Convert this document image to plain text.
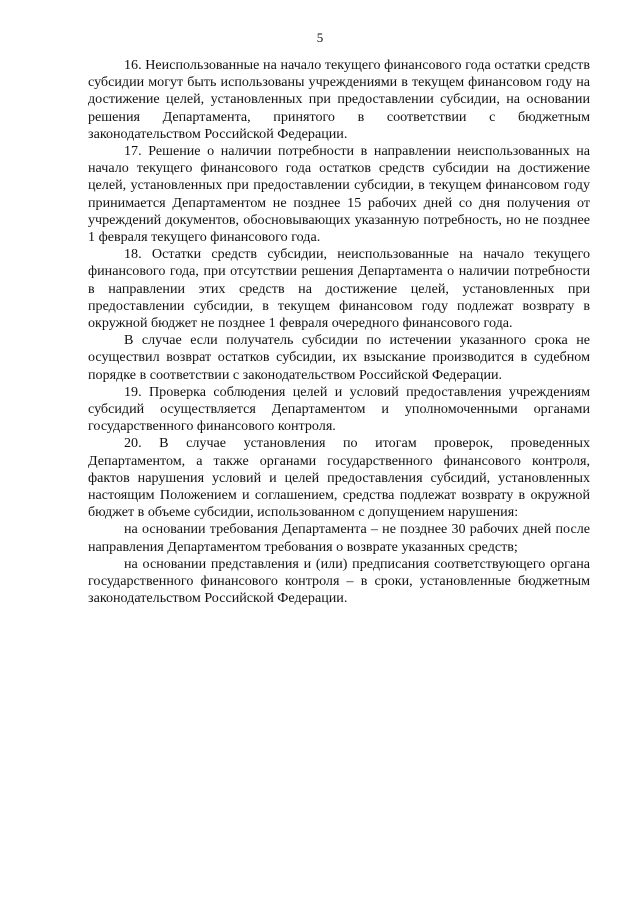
5

16. Неиспользованные на начало текущего финансового года остатки средств субсидии могут быть использованы учреждениями в текущем финансовом году на достижение целей, установленных при предоставлении субсидии, на основании решения Департамента, принятого в соответствии с бюджетным законодательством Российской Федерации.

17. Решение о наличии потребности в направлении неиспользованных на начало текущего финансового года остатков средств субсидии на достижение целей, установленных при предоставлении субсидии, в текущем финансовом году принимается Департаментом не позднее 15 рабочих дней со дня получения от учреждений документов, обосновывающих указанную потребность, но не позднее 1 февраля текущего финансового года.

18. Остатки средств субсидии, неиспользованные на начало текущего финансового года, при отсутствии решения Департамента о наличии потребности в направлении этих средств на достижение целей, установленных при предоставлении субсидии, в текущем финансовом году подлежат возврату в окружной бюджет не позднее 1 февраля очередного финансового года.

В случае если получатель субсидии по истечении указанного срока не осуществил возврат остатков субсидии, их взыскание производится в судебном порядке в соответствии с законодательством Российской Федерации.

19. Проверка соблюдения целей и условий предоставления учреждениям субсидий осуществляется Департаментом и уполномоченными органами государственного финансового контроля.

20. В случае установления по итогам проверок, проведенных Департаментом, а также органами государственного финансового контроля, фактов нарушения условий и целей предоставления субсидий, установленных настоящим Положением и соглашением, средства подлежат возврату в окружной бюджет в объеме субсидии, использованном с допущением нарушения:

на основании требования Департамента – не позднее 30 рабочих дней после направления Департаментом требования о возврате указанных средств;

на основании представления и (или) предписания соответствующего органа государственного финансового контроля – в сроки, установленные бюджетным законодательством Российской Федерации.
